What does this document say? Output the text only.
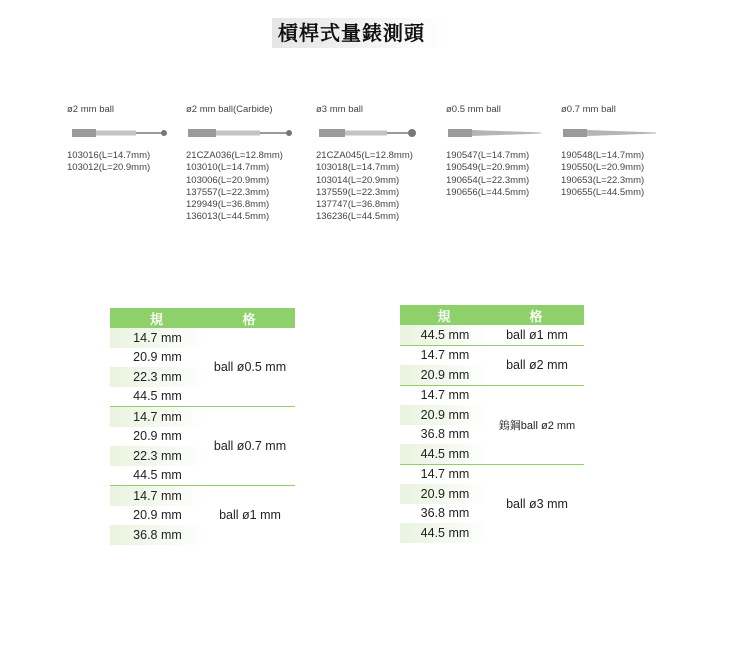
槓桿式量錶測頭
ø2 mm ball
103016(L=14.7mm)
103012(L=20.9mm)
ø2 mm ball(Carbide)
21CZA036(L=12.8mm)
103010(L=14.7mm)
103006(L=20.9mm)
137557(L=22.3mm)
129949(L=36.8mm)
136013(L=44.5mm)
ø3 mm ball
21CZA045(L=12.8mm)
103018(L=14.7mm)
103014(L=20.9mm)
137559(L=22.3mm)
137747(L=36.8mm)
136236(L=44.5mm)
ø0.5 mm ball
190547(L=14.7mm)
190549(L=20.9mm)
190654(L=22.3mm)
190656(L=44.5mm)
ø0.7 mm ball
190548(L=14.7mm)
190550(L=20.9mm)
190653(L=22.3mm)
190655(L=44.5mm)
規	格
14.7 mm	ball ø0.5 mm
20.9 mm	
22.3 mm	
44.5 mm	
14.7 mm	ball ø0.7 mm
20.9 mm	
22.3 mm	
44.5 mm	
14.7 mm	ball ø1 mm
20.9 mm	
36.8 mm	
規	格
44.5 mm	ball ø1 mm
14.7 mm	ball ø2 mm
20.9 mm	
14.7 mm	鎢鋼ball ø2 mm
20.9 mm	
36.8 mm	
44.5 mm	
14.7 mm	ball ø3 mm
20.9 mm	
36.8 mm	
44.5 mm	
